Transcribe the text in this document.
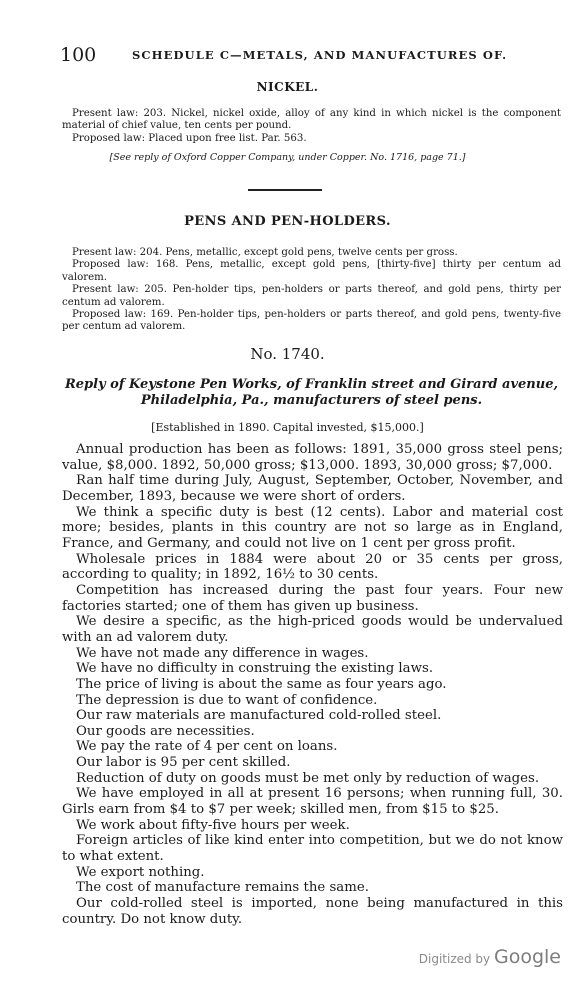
100	SCHEDULE C—METALS, AND MANUFACTURES OF.
NICKEL.

Present law: 203. Nickel, nickel oxide, alloy of any kind in which nickel is the component material of chief value, ten cents per pound.

Proposed law: Placed upon free list. Par. 563.

[See reply of Oxford Copper Company, under Copper. No. 1716, page 71.]
PENS AND PEN-HOLDERS.

Present law: 204. Pens, metallic, except gold pens, twelve cents per gross.

Proposed law: 168. Pens, metallic, except gold pens, [thirty-five] thirty per centum ad valorem.

Present law: 205. Pen-holder tips, pen-holders or parts thereof, and gold pens, thirty per centum ad valorem.

Proposed law: 169. Pen-holder tips, pen-holders or parts thereof, and gold pens, twenty-five per centum ad valorem.

No. 1740.
Reply of Keystone Pen Works, of Franklin street and Girard avenue, Philadelphia, Pa., manufacturers of steel pens.
[Established in 1890. Capital invested, $15,000.]

Annual production has been as follows: 1891, 35,000 gross steel pens; value, $8,000. 1892, 50,000 gross; $13,000. 1893, 30,000 gross; $7,000.

Ran half time during July, August, September, October, November, and December, 1893, because we were short of orders.

We think a specific duty is best (12 cents). Labor and material cost more; besides, plants in this country are not so large as in England, France, and Germany, and could not live on 1 cent per gross profit.

Wholesale prices in 1884 were about 20 or 35 cents per gross, according to quality; in 1892, 16½ to 30 cents.

Competition has increased during the past four years. Four new factories started; one of them has given up business.

We desire a specific, as the high-priced goods would be undervalued with an ad valorem duty.

We have not made any difference in wages.

We have no difficulty in construing the existing laws.

The price of living is about the same as four years ago.

The depression is due to want of confidence.

Our raw materials are manufactured cold-rolled steel.

Our goods are necessities.

We pay the rate of 4 per cent on loans.

Our labor is 95 per cent skilled.

Reduction of duty on goods must be met only by reduction of wages.

We have employed in all at present 16 persons; when running full, 30. Girls earn from $4 to $7 per week; skilled men, from $15 to $25.

We work about fifty-five hours per week.

Foreign articles of like kind enter into competition, but we do not know to what extent.

We export nothing.

The cost of manufacture remains the same.

Our cold-rolled steel is imported, none being manufactured in this country. Do not know duty.

Digitized by Google
